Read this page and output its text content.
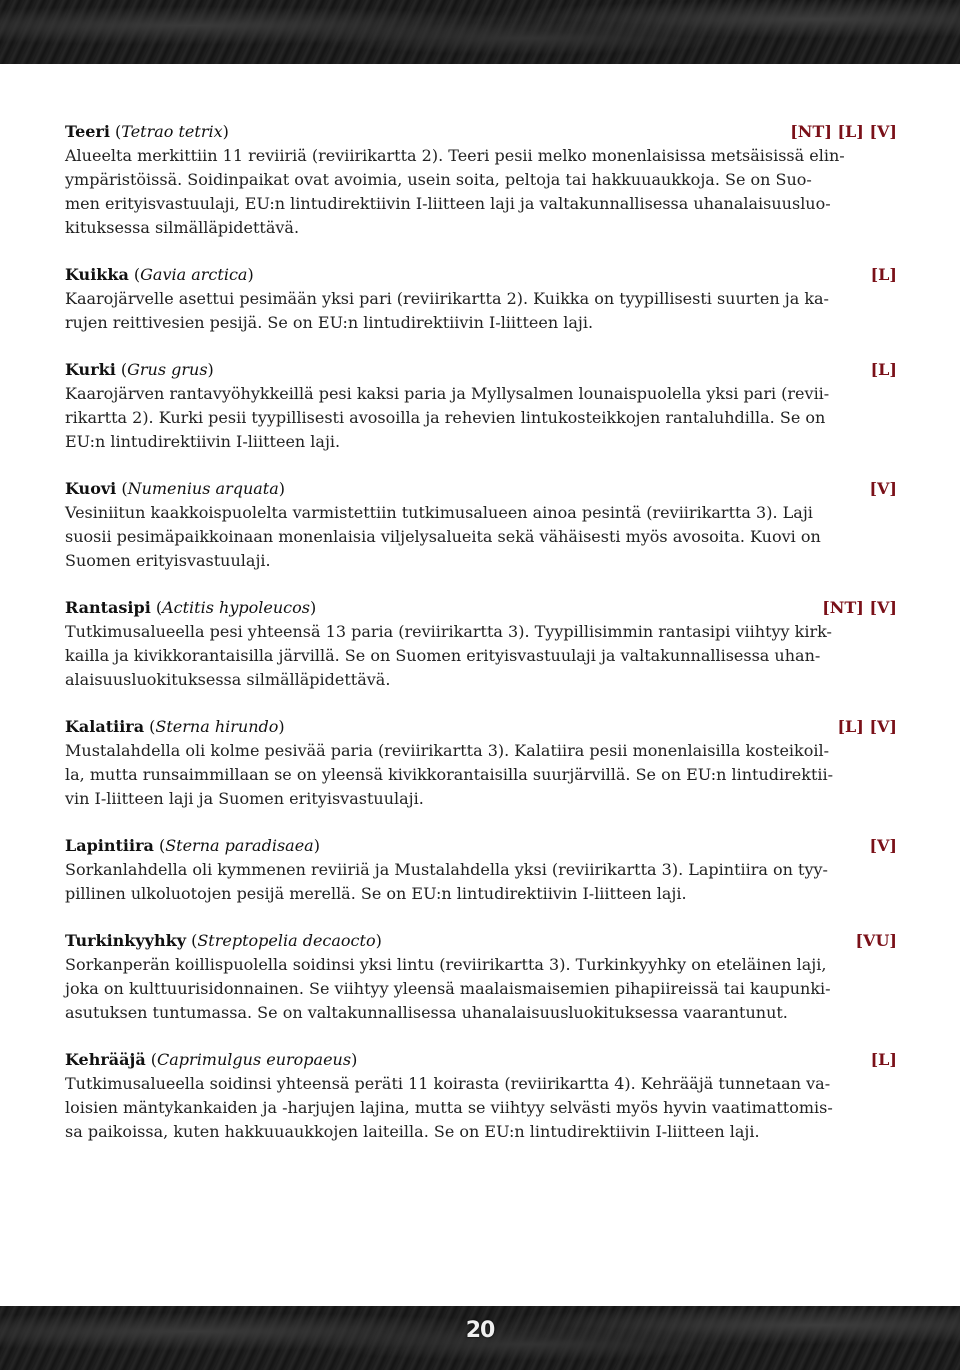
Teeri (Tetrao tetrix)	[NT] [L] [V]

Alueelta merkittiin 11 reviiriä (reviirikartta 2). Teeri pesii melko monenlaisissa metsäisissä elin-
ympäristöissä. Soidinpaikat ovat avoimia, usein soita, peltoja tai hakkuuaukkoja. Se on Suo-
men erityisvastuulaji, EU:n lintudirektiivin I-liitteen laji ja valtakunnallisessa uhanalaisuusluo-
kituksessa silmälläpidettävä.

Kuikka (Gavia arctica)	[L]

Kaarojärvelle asettui pesimään yksi pari (reviirikartta 2). Kuikka on tyypillisesti suurten ja ka-
rujen reittivesien pesijä. Se on EU:n lintudirektiivin I-liitteen laji.

Kurki (Grus grus)	[L]

Kaarojärven rantavyöhykkeillä pesi kaksi paria ja Myllysalmen lounaispuolella yksi pari (revii-
rikartta 2). Kurki pesii tyypillisesti avosoilla ja rehevien lintukosteikkojen rantaluhdilla. Se on
EU:n lintudirektiivin I-liitteen laji.

Kuovi (Numenius arquata)	[V]

Vesiniitun kaakkoispuolelta varmistettiin tutkimusalueen ainoa pesintä (reviirikartta 3). Laji
suosii pesimäpaikkoinaan monenlaisia viljelysalueita sekä vähäisesti myös avosoita. Kuovi on
Suomen erityisvastuulaji.

Rantasipi (Actitis hypoleucos)	[NT] [V]

Tutkimusalueella pesi yhteensä 13 paria (reviirikartta 3). Tyypillisimmin rantasipi viihtyy kirk-
kailla ja kivikkorantaisilla järvillä. Se on Suomen erityisvastuulaji ja valtakunnallisessa uhan-
alaisuusluokituksessa silmälläpidettävä.

Kalatiira (Sterna hirundo)	[L] [V]

Mustalahdella oli kolme pesivää paria (reviirikartta 3). Kalatiira pesii monenlaisilla kosteikoil-
la, mutta runsaimmillaan se on yleensä kivikkorantaisilla suurjärvillä. Se on EU:n lintudirektii-
vin I-liitteen laji ja Suomen erityisvastuulaji.

Lapintiira (Sterna paradisaea)	[V]

Sorkanlahdella oli kymmenen reviiriä ja Mustalahdella yksi (reviirikartta 3). Lapintiira on tyy-
pillinen ulkoluotojen pesijä merellä. Se on EU:n lintudirektiivin I-liitteen laji.

Turkinkyyhky (Streptopelia decaocto)	[VU]

Sorkanperän koillispuolella soidinsi yksi lintu (reviirikartta 3). Turkinkyyhky on eteläinen laji,
joka on kulttuurisidonnainen. Se viihtyy yleensä maalaismaisemien pihapiireissä tai kaupunki-
asutuksen tuntumassa. Se on valtakunnallisessa uhanalaisuusluokituksessa vaarantunut.

Kehrääjä (Caprimulgus europaeus)	[L]

Tutkimusalueella soidinsi yhteensä peräti 11 koirasta (reviirikartta 4). Kehrääjä tunnetaan va-
loisien mäntykankaiden ja -harjujen lajina, mutta se viihtyy selvästi myös hyvin vaatimattomis-
sa paikoissa, kuten hakkuuaukkojen laiteilla. Se on EU:n lintudirektiivin I-liitteen laji.

20
